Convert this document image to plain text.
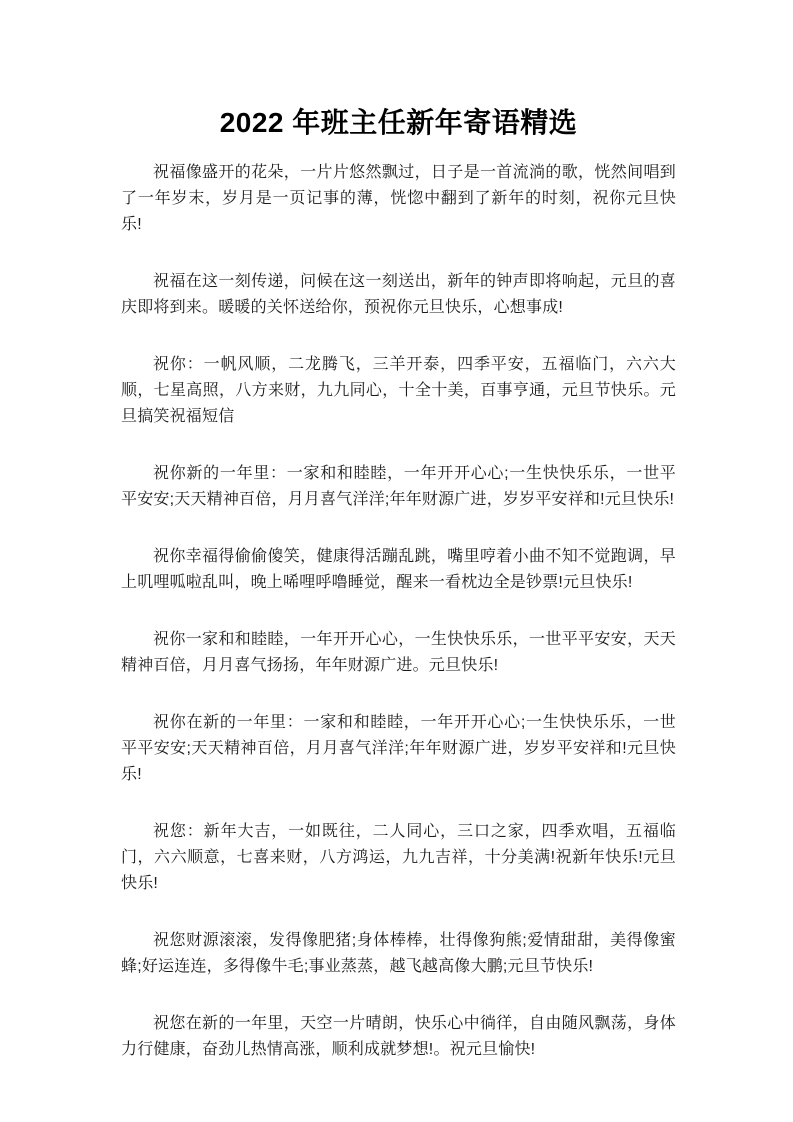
2022 年班主任新年寄语精选

祝福像盛开的花朵，一片片悠然飘过，日子是一首流淌的歌，恍然间唱到了一年岁末，岁月是一页记事的薄，恍惚中翻到了新年的时刻，祝你元旦快乐!

祝福在这一刻传递，问候在这一刻送出，新年的钟声即将响起，元旦的喜庆即将到来。暖暖的关怀送给你，预祝你元旦快乐，心想事成!

祝你：一帆风顺，二龙腾飞，三羊开泰，四季平安，五福临门，六六大顺，七星高照，八方来财，九九同心，十全十美，百事亨通，元旦节快乐。元旦搞笑祝福短信

祝你新的一年里：一家和和睦睦，一年开开心心;一生快快乐乐，一世平平安安;天天精神百倍，月月喜气洋洋;年年财源广进，岁岁平安祥和!元旦快乐!

祝你幸福得偷偷傻笑，健康得活蹦乱跳，嘴里哼着小曲不知不觉跑调，早上叽哩呱啦乱叫，晚上唏哩呼噜睡觉，醒来一看枕边全是钞票!元旦快乐!

祝你一家和和睦睦，一年开开心心，一生快快乐乐，一世平平安安，天天精神百倍，月月喜气扬扬，年年财源广进。元旦快乐!

祝你在新的一年里：一家和和睦睦，一年开开心心;一生快快乐乐，一世平平安安;天天精神百倍，月月喜气洋洋;年年财源广进，岁岁平安祥和!元旦快乐!

祝您：新年大吉，一如既往，二人同心，三口之家，四季欢唱，五福临门，六六顺意，七喜来财，八方鸿运，九九吉祥，十分美满!祝新年快乐!元旦快乐!

祝您财源滚滚，发得像肥猪;身体棒棒，壮得像狗熊;爱情甜甜，美得像蜜蜂;好运连连，多得像牛毛;事业蒸蒸，越飞越高像大鹏;元旦节快乐!

祝您在新的一年里，天空一片晴朗，快乐心中徜徉，自由随风飘荡，身体力行健康，奋劲儿热情高涨，顺利成就梦想!。祝元旦愉快!
